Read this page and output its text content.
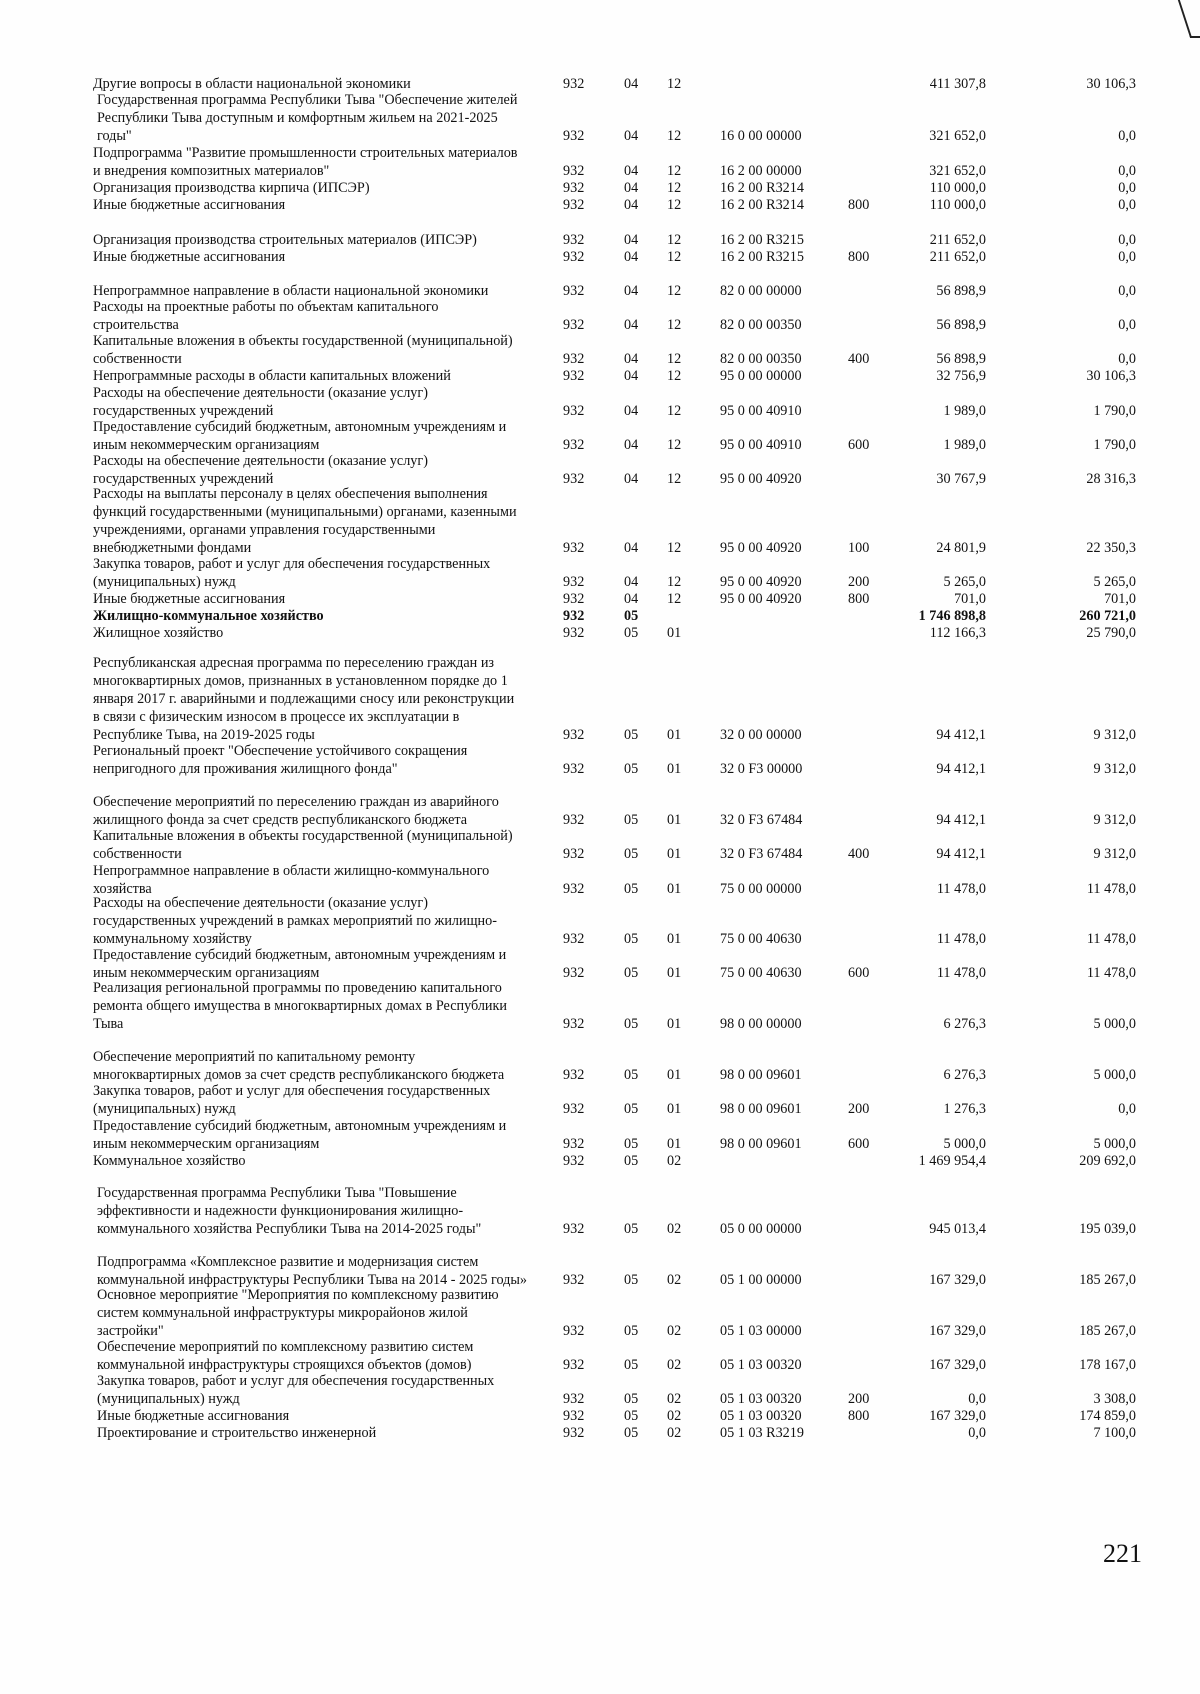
Другие вопросы в области национальной экономики	932	04 12	411 307,8	30 106,3
Государственная программа Республики Тыва "Обеспечение жителей Республики Тыва доступным и комфортным жильем на 2021-2025 годы"	932	04 12	16 0 00 00000	321 652,0	0,0
Подпрограмма "Развитие промышленности строительных материалов и внедрения композитных материалов"	932	04 12	16 2 00 00000	321 652,0	0,0
Организация производства кирпича (ИПСЭР)	932	04 12	16 2 00 R3214	110 000,0	0,0
Иные бюджетные ассигнования	932	04 12	16 2 00 R3214	800	110 000,0	0,0
Организация производства строительных материалов (ИПСЭР)	932	04 12	16 2 00 R3215	211 652,0	0,0
Иные бюджетные ассигнования	932	04 12	16 2 00 R3215	800	211 652,0	0,0
Непрограммное направление в области национальной экономики	932	04 12	82 0 00 00000	56 898,9	0,0
Расходы на проектные работы по объектам капитального строительства	932	04 12	82 0 00 00350	56 898,9	0,0
Капитальные вложения в объекты государственной (муниципальной) собственности	932	04 12	82 0 00 00350	400	56 898,9	0,0
Непрограммные расходы в области капитальных вложений	932	04 12	95 0 00 00000	32 756,9	30 106,3
Расходы на обеспечение деятельности (оказание услуг) государственных учреждений	932	04 12	95 0 00 40910	1 989,0	1 790,0
Предоставление субсидий бюджетным, автономным учреждениям и иным некоммерческим организациям	932	04 12	95 0 00 40910	600	1 989,0	1 790,0
Расходы на обеспечение деятельности (оказание услуг) государственных учреждений	932	04 12	95 0 00 40920	30 767,9	28 316,3
Расходы на выплаты персоналу в целях обеспечения выполнения функций государственными (муниципальными) органами, казенными учреждениями, органами управления государственными внебюджетными фондами	932	04 12	95 0 00 40920	100	24 801,9	22 350,3
Закупка товаров, работ и услуг для обеспечения государственных (муниципальных) нужд	932	04 12	95 0 00 40920	200	5 265,0	5 265,0
Иные бюджетные ассигнования	932	04 12	95 0 00 40920	800	701,0	701,0
Жилищно-коммунальное хозяйство	932	05	1 746 898,8	260 721,0
Жилищное хозяйство	932	05 01	112 166,3	25 790,0
Республиканская адресная программа по переселению граждан из многоквартирных домов, признанных в установленном порядке до 1 января 2017 г. аварийными и подлежащими сносу или реконструкции в связи с физическим износом в процессе их эксплуатации в Республике Тыва, на 2019-2025 годы	932	05 01	32 0 00 00000	94 412,1	9 312,0
Региональный проект "Обеспечение устойчивого сокращения непригодного для проживания жилищного фонда"	932	05 01	32 0 F3 00000	94 412,1	9 312,0
Обеспечение мероприятий по переселению граждан из аварийного жилищного фонда за счет средств республиканского бюджета	932	05 01	32 0 F3 67484	94 412,1	9 312,0
Капитальные вложения в объекты государственной (муниципальной) собственности	932	05 01	32 0 F3 67484	400	94 412,1	9 312,0
Непрограммное направление в области жилищно-коммунального хозяйства	932	05 01	75 0 00 00000	11 478,0	11 478,0
Расходы на обеспечение деятельности (оказание услуг) государственных учреждений в рамках мероприятий по жилищно-коммунальному хозяйству	932	05 01	75 0 00 40630	11 478,0	11 478,0
Предоставление субсидий бюджетным, автономным учреждениям и иным некоммерческим организациям	932	05 01	75 0 00 40630	600	11 478,0	11 478,0
Реализация региональной программы по проведению капитального ремонта общего имущества в многоквартирных домах в Республики Тыва	932	05 01	98 0 00 00000	6 276,3	5 000,0
Обеспечение мероприятий по капитальному ремонту многоквартирных домов за счет средств республиканского бюджета	932	05 01	98 0 00 09601	6 276,3	5 000,0
Закупка товаров, работ и услуг для обеспечения государственных (муниципальных) нужд	932	05 01	98 0 00 09601	200	1 276,3	0,0
Предоставление субсидий бюджетным, автономным учреждениям и иным некоммерческим организациям	932	05 01	98 0 00 09601	600	5 000,0	5 000,0
Коммунальное хозяйство	932	05 02	1 469 954,4	209 692,0
Государственная программа Республики Тыва "Повышение эффективности и надежности функционирования жилищно-коммунального хозяйства Республики Тыва на 2014-2025 годы"	932	05 02	05 0 00 00000	945 013,4	195 039,0
Подпрограмма «Комплексное развитие и модернизация систем коммунальной инфраструктуры Республики Тыва на 2014 - 2025 годы»	932	05 02	05 1 00 00000	167 329,0	185 267,0
Основное мероприятие "Мероприятия по комплексному развитию систем коммунальной инфраструктуры микрорайонов жилой застройки"	932	05 02	05 1 03 00000	167 329,0	185 267,0
Обеспечение мероприятий по комплексному развитию систем коммунальной инфраструктуры строящихся объектов (домов)	932	05 02	05 1 03 00320	167 329,0	178 167,0
Закупка товаров, работ и услуг для обеспечения государственных (муниципальных) нужд	932	05 02	05 1 03 00320	200	0,0	3 308,0
Иные бюджетные ассигнования	932	05 02	05 1 03 00320	800	167 329,0	174 859,0
Проектирование и строительство инженерной	932	05 02	05 1 03 R3219	0,0	7 100,0
221
